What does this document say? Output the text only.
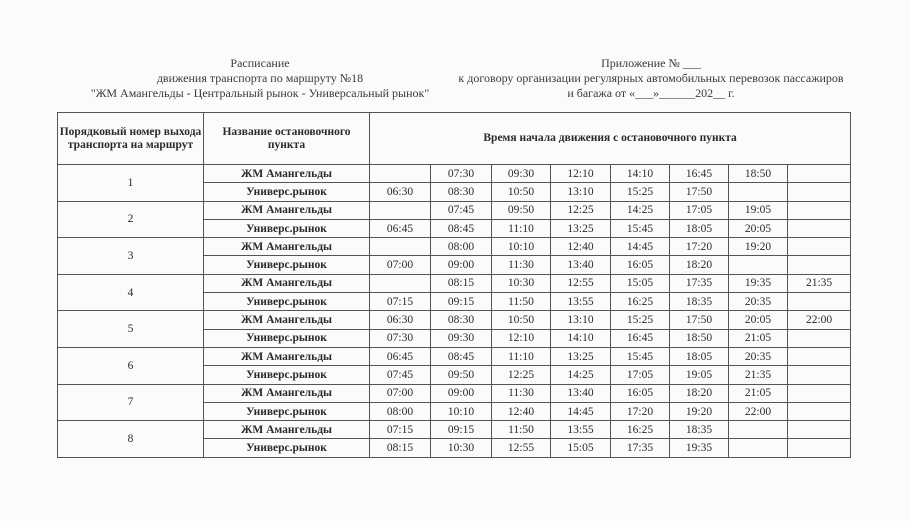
Расписание
движения транспорта по маршруту №18
"ЖМ Амангельды - Центральный рынок - Универсальный рынок"
Приложение № ___
к договору организации регулярных автомобильных перевозок пассажиров
и багажа от «___»______202__ г.
Порядковый номер выхода транспорта на маршрут	Название остановочного пункта	Время начала движения с остановочного пункта							
1	ЖМ Амангельды		07:30	09:30	12:10	14:10	16:45	18:50	
	Универс.рынок	06:30	08:30	10:50	13:10	15:25	17:50		
2	ЖМ Амангельды		07:45	09:50	12:25	14:25	17:05	19:05	
	Универс.рынок	06:45	08:45	11:10	13:25	15:45	18:05	20:05	
3	ЖМ Амангельды		08:00	10:10	12:40	14:45	17:20	19:20	
	Универс.рынок	07:00	09:00	11:30	13:40	16:05	18:20		
4	ЖМ Амангельды		08:15	10:30	12:55	15:05	17:35	19:35	21:35
	Универс.рынок	07:15	09:15	11:50	13:55	16:25	18:35	20:35	
5	ЖМ Амангельды	06:30	08:30	10:50	13:10	15:25	17:50	20:05	22:00
	Универс.рынок	07:30	09:30	12:10	14:10	16:45	18:50	21:05	
6	ЖМ Амангельды	06:45	08:45	11:10	13:25	15:45	18:05	20:35	
	Универс.рынок	07:45	09:50	12:25	14:25	17:05	19:05	21:35	
7	ЖМ Амангельды	07:00	09:00	11:30	13:40	16:05	18:20	21:05	
	Универс.рынок	08:00	10:10	12:40	14:45	17:20	19:20	22:00	
8	ЖМ Амангельды	07:15	09:15	11:50	13:55	16:25	18:35		
	Универс.рынок	08:15	10:30	12:55	15:05	17:35	19:35		
